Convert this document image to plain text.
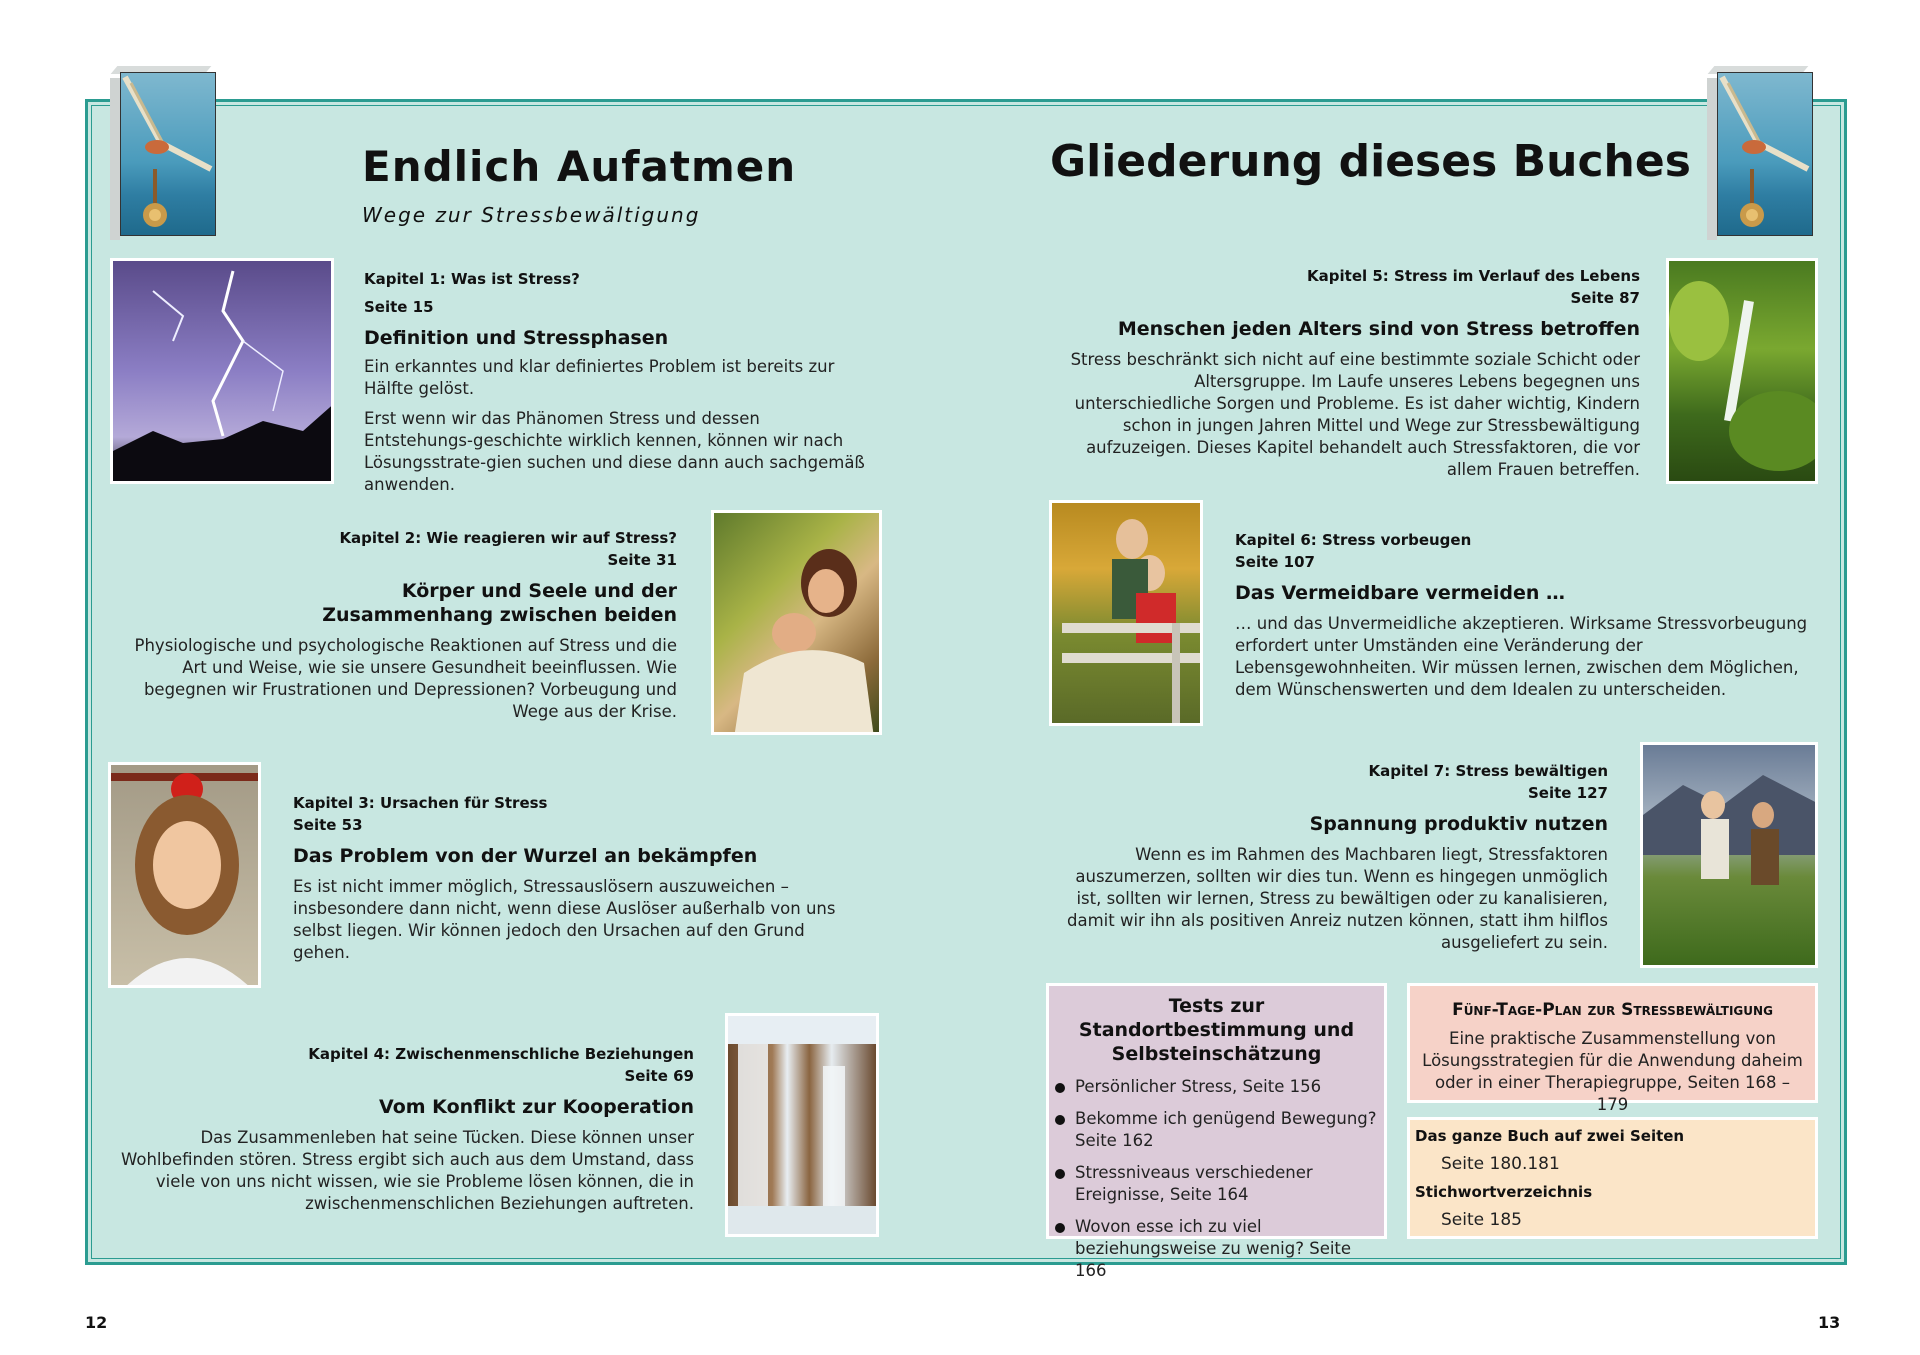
Endlich Aufatmen
Wege zur Stressbewältigung
Gliederung dieses Buches
Kapitel 1: Was ist Stress?
Seite 15
Definition und Stressphasen
Ein erkanntes und klar definiertes Problem ist bereits zur Hälfte gelöst.
Erst wenn wir das Phänomen Stress und dessen Entstehungs-geschichte wirklich kennen, können wir nach Lösungsstrate-gien suchen und diese dann auch sachgemäß anwenden.
Kapitel 2: Wie reagieren wir auf Stress?
Seite 31
Körper und Seele und der Zusammenhang zwischen beiden
Physiologische und psychologische Reaktionen auf Stress und die Art und Weise, wie sie unsere Gesundheit beeinflussen. Wie begegnen wir Frustrationen und Depressionen? Vorbeugung und Wege aus der Krise.
Kapitel 3: Ursachen für Stress
Seite 53
Das Problem von der Wurzel an bekämpfen
Es ist nicht immer möglich, Stressauslösern auszuweichen – insbesondere dann nicht, wenn diese Auslöser außerhalb von uns selbst liegen. Wir können jedoch den Ursachen auf den Grund gehen.
Kapitel 4: Zwischenmenschliche Beziehungen
Seite 69
Vom Konflikt zur Kooperation
Das Zusammenleben hat seine Tücken. Diese können unser Wohlbefinden stören. Stress ergibt sich auch aus dem Umstand, dass viele von uns nicht wissen, wie sie Probleme lösen können, die in zwischenmenschlichen Beziehungen auftreten.
Kapitel 5: Stress im Verlauf des Lebens
Seite 87
Menschen jeden Alters sind von Stress betroffen
Stress beschränkt sich nicht auf eine bestimmte soziale Schicht oder Altersgruppe. Im Laufe unseres Lebens begegnen uns unterschiedliche Sorgen und Probleme. Es ist daher wichtig, Kindern schon in jungen Jahren Mittel und Wege zur Stressbewältigung aufzuzeigen. Dieses Kapitel behandelt auch Stressfaktoren, die vor allem Frauen betreffen.
Kapitel 6: Stress vorbeugen
Seite 107
Das Vermeidbare vermeiden …
… und das Unvermeidliche akzeptieren. Wirksame Stressvorbeugung erfordert unter Umständen eine Veränderung der Lebensgewohnheiten. Wir müssen lernen, zwischen dem Möglichen, dem Wünschenswerten und dem Idealen zu unterscheiden.
Kapitel 7: Stress bewältigen
Seite 127
Spannung produktiv nutzen
Wenn es im Rahmen des Machbaren liegt, Stressfaktoren auszumerzen, sollten wir dies tun. Wenn es hingegen unmöglich ist, sollten wir lernen, Stress zu bewältigen oder zu kanalisieren, damit wir ihn als positiven Anreiz nutzen können, statt ihm hilflos ausgeliefert zu sein.
Tests zur Standortbestimmung und Selbsteinschätzung
Persönlicher Stress, Seite 156
Bekomme ich genügend Bewegung? Seite 162
Stressniveaus verschiedener Ereignisse, Seite 164
Wovon esse ich zu viel beziehungsweise zu wenig? Seite 166
Fünf-Tage-Plan zur Stressbewältigung
Eine praktische Zusammenstellung von Lösungsstrategien für die Anwendung daheim oder in einer Therapiegruppe, Seiten 168 – 179
Das ganze Buch auf zwei Seiten
Seite 180.181
Stichwortverzeichnis
Seite 185
12	13
